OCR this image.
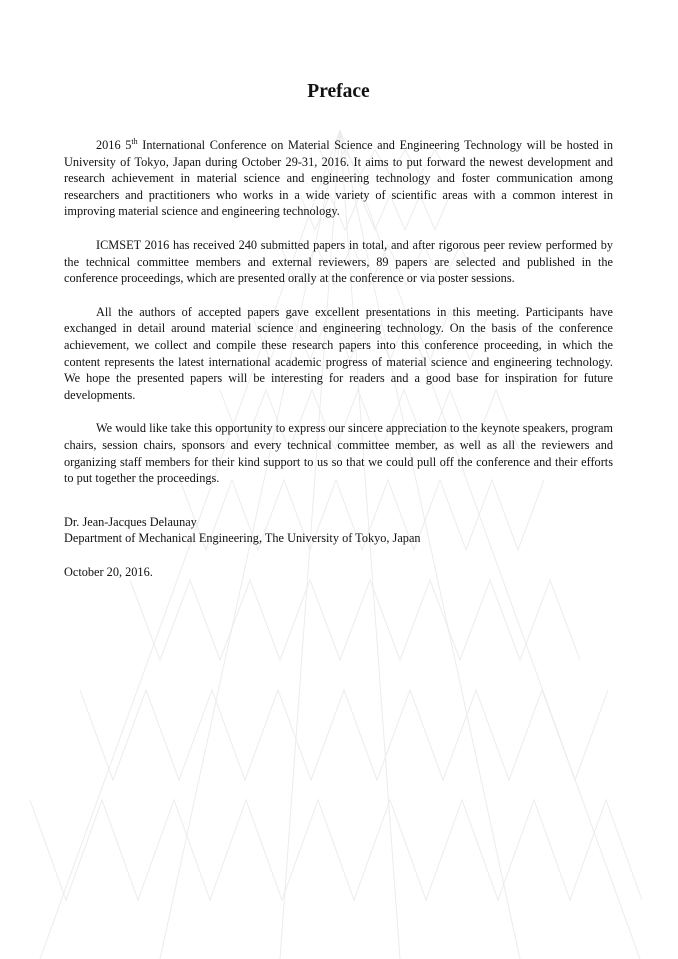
Preface

2016 5th International Conference on Material Science and Engineering Technology will be hosted in University of Tokyo, Japan during October 29-31, 2016. It aims to put forward the newest development and research achievement in material science and engineering technology and foster communication among researchers and practitioners who works in a wide variety of scientific areas with a common interest in improving material science and engineering technology.

ICMSET 2016 has received 240 submitted papers in total, and after rigorous peer review performed by the technical committee members and external reviewers, 89 papers are selected and published in the conference proceedings, which are presented orally at the conference or via poster sessions.

All the authors of accepted papers gave excellent presentations in this meeting. Participants have exchanged in detail around material science and engineering technology. On the basis of the conference achievement, we collect and compile these research papers into this conference proceeding, in which the content represents the latest international academic progress of material science and engineering technology. We hope the presented papers will be interesting for readers and a good base for inspiration for future developments.

We would like take this opportunity to express our sincere appreciation to the keynote speakers, program chairs, session chairs, sponsors and every technical committee member, as well as all the reviewers and organizing staff members for their kind support to us so that we could pull off the conference and their efforts to put together the proceedings.

Dr. Jean-Jacques Delaunay
Department of Mechanical Engineering, The University of Tokyo, Japan
October 20, 2016.
